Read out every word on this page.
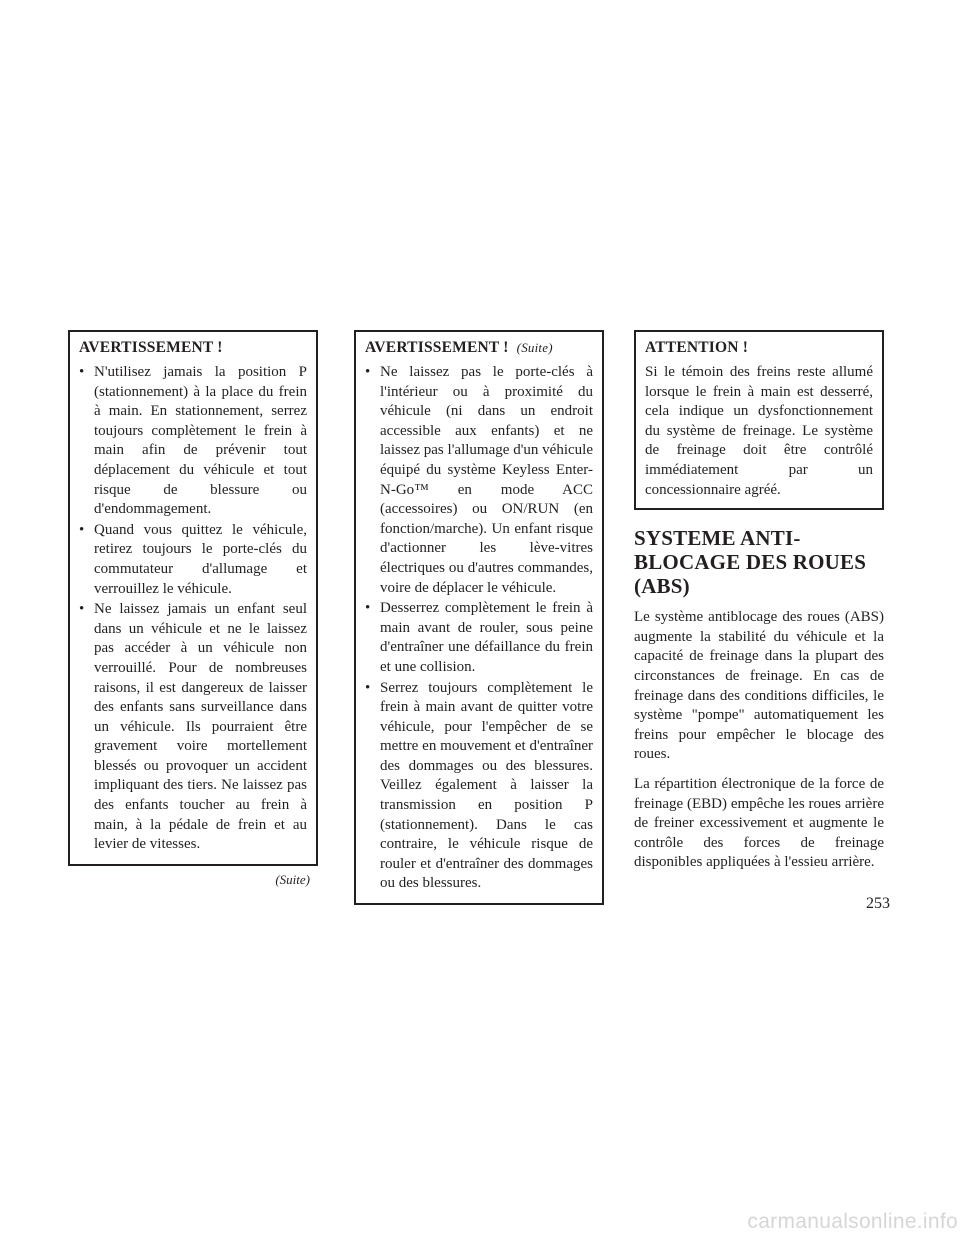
AVERTISSEMENT !
• N'utilisez jamais la position P (stationnement) à la place du frein à main. En stationnement, serrez toujours complètement le frein à main afin de prévenir tout déplacement du véhicule et tout risque de blessure ou d'endommagement.
• Quand vous quittez le véhicule, retirez toujours le porte-clés du commutateur d'allumage et verrouillez le véhicule.
• Ne laissez jamais un enfant seul dans un véhicule et ne le laissez pas accéder à un véhicule non verrouillé. Pour de nombreuses raisons, il est dangereux de laisser des enfants sans surveillance dans un véhicule. Ils pourraient être gravement voire mortellement blessés ou provoquer un accident impliquant des tiers. Ne laissez pas des enfants toucher au frein à main, à la pédale de frein et au levier de vitesses.
(Suite)
AVERTISSEMENT ! (Suite)
• Ne laissez pas le porte-clés à l'intérieur ou à proximité du véhicule (ni dans un endroit accessible aux enfants) et ne laissez pas l'allumage d'un véhicule équipé du système Keyless Enter-N-Go™ en mode ACC (accessoires) ou ON/RUN (en fonction/marche). Un enfant risque d'actionner les lève-vitres électriques ou d'autres commandes, voire de déplacer le véhicule.
• Desserrez complètement le frein à main avant de rouler, sous peine d'entraîner une défaillance du frein et une collision.
• Serrez toujours complètement le frein à main avant de quitter votre véhicule, pour l'empêcher de se mettre en mouvement et d'entraîner des dommages ou des blessures. Veillez également à laisser la transmission en position P (stationnement). Dans le cas contraire, le véhicule risque de rouler et d'entraîner des dommages ou des blessures.
ATTENTION !

Si le témoin des freins reste allumé lorsque le frein à main est desserré, cela indique un dysfonctionnement du système de freinage. Le système de freinage doit être contrôlé immédiatement par un concessionnaire agréé.

SYSTEME ANTI-BLOCAGE DES ROUES (ABS)

Le système antiblocage des roues (ABS) augmente la stabilité du véhicule et la capacité de freinage dans la plupart des circonstances de freinage. En cas de freinage dans des conditions difficiles, le système "pompe" automatiquement les freins pour empêcher le blocage des roues.

La répartition électronique de la force de freinage (EBD) empêche les roues arrière de freiner excessivement et augmente le contrôle des forces de freinage disponibles appliquées à l'essieu arrière.

253
carmanualsonline.info
